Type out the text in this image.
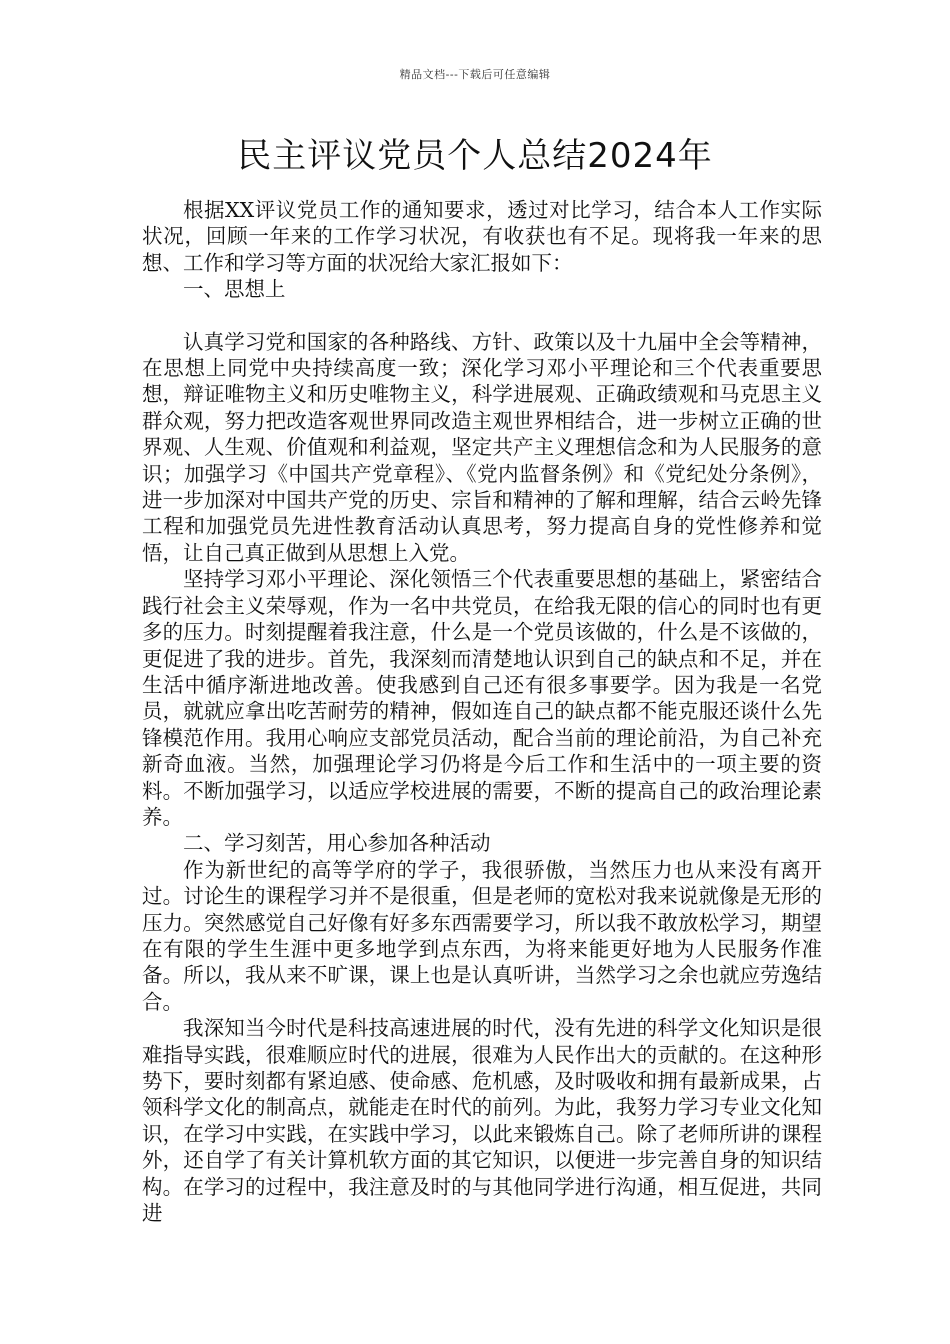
精品文档---下载后可任意编辑
民主评议党员个人总结2024年

根据XX评议党员工作的通知要求，透过对比学习，结合本人工作实际状况，回顾一年来的工作学习状况，有收获也有不足。现将我一年来的思想、工作和学习等方面的状况给大家汇报如下：

一、思想上

认真学习党和国家的各种路线、方针、政策以及十九届中全会等精神，在思想上同党中央持续高度一致；深化学习邓小平理论和三个代表重要思想，辩证唯物主义和历史唯物主义，科学进展观、正确政绩观和马克思主义群众观，努力把改造客观世界同改造主观世界相结合，进一步树立正确的世界观、人生观、价值观和利益观，坚定共产主义理想信念和为人民服务的意识；加强学习《中国共产党章程》、《党内监督条例》和《党纪处分条例》，进一步加深对中国共产党的历史、宗旨和精神的了解和理解，结合云岭先锋工程和加强党员先进性教育活动认真思考，努力提高自身的党性修养和觉悟，让自己真正做到从思想上入党。

坚持学习邓小平理论、深化领悟三个代表重要思想的基础上，紧密结合践行社会主义荣辱观，作为一名中共党员，在给我无限的信心的同时也有更多的压力。时刻提醒着我注意，什么是一个党员该做的，什么是不该做的，更促进了我的进步。首先，我深刻而清楚地认识到自己的缺点和不足，并在生活中循序渐进地改善。使我感到自己还有很多事要学。因为我是一名党员，就就应拿出吃苦耐劳的精神，假如连自己的缺点都不能克服还谈什么先锋模范作用。我用心响应支部党员活动，配合当前的理论前沿，为自己补充新奇血液。当然，加强理论学习仍将是今后工作和生活中的一项主要的资料。不断加强学习，以适应学校进展的需要，不断的提高自己的政治理论素养。

二、学习刻苦，用心参加各种活动

作为新世纪的高等学府的学子，我很骄傲，当然压力也从来没有离开过。讨论生的课程学习并不是很重，但是老师的宽松对我来说就像是无形的压力。突然感觉自己好像有好多东西需要学习，所以我不敢放松学习，期望在有限的学生生涯中更多地学到点东西，为将来能更好地为人民服务作准备。所以，我从来不旷课，课上也是认真听讲，当然学习之余也就应劳逸结合。

我深知当今时代是科技高速进展的时代，没有先进的科学文化知识是很难指导实践，很难顺应时代的进展，很难为人民作出大的贡献的。在这种形势下，要时刻都有紧迫感、使命感、危机感，及时吸收和拥有最新成果，占领科学文化的制高点，就能走在时代的前列。为此，我努力学习专业文化知识，在学习中实践，在实践中学习，以此来锻炼自己。除了老师所讲的课程外，还自学了有关计算机软方面的其它知识，以便进一步完善自身的知识结构。在学习的过程中，我注意及时的与其他同学进行沟通，相互促进，共同进
